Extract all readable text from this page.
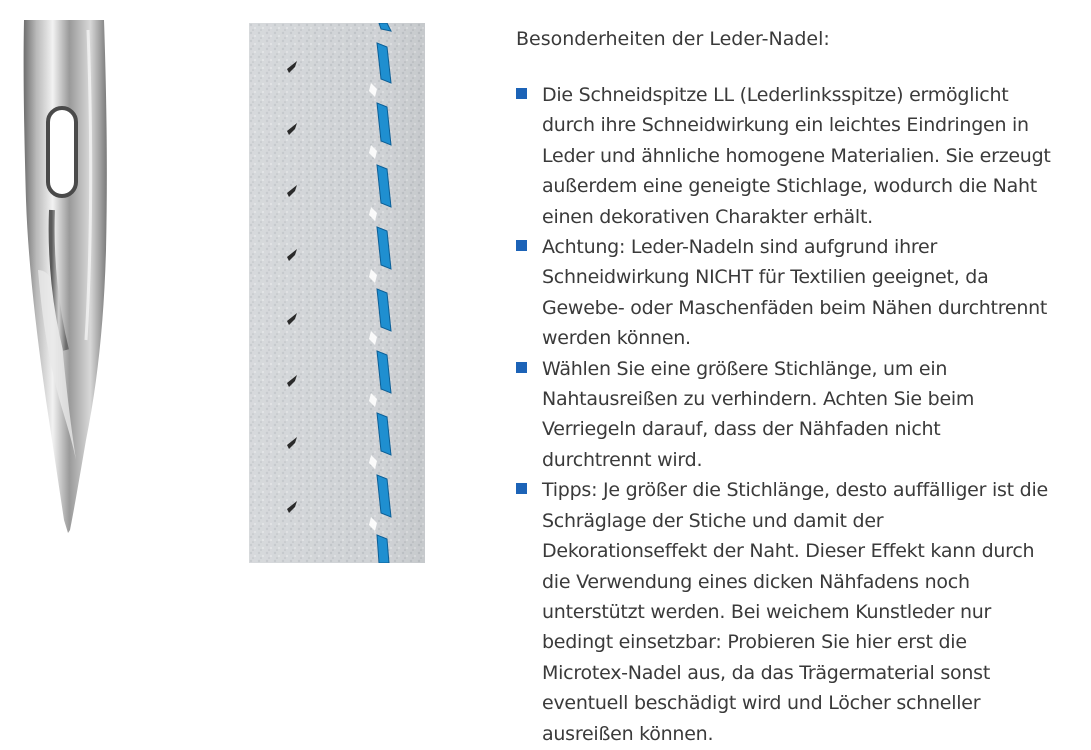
Besonderheiten der Leder-Nadel:
Die Schneidspitze LL (Lederlinksspitze) ermöglicht durch ihre Schneidwirkung ein leichtes Eindringen in Leder und ähnliche homogene Materialien. Sie erzeugt außerdem eine geneigte Stichlage, wodurch die Naht einen dekorativen Charakter erhält.
Achtung: Leder-Nadeln sind aufgrund ihrer Schneidwirkung NICHT für Textilien geeignet, da Gewebe- oder Maschenfäden beim Nähen durchtrennt werden können.
Wählen Sie eine größere Stichlänge, um ein Nahtausreißen zu verhindern. Achten Sie beim Verriegeln darauf, dass der Nähfaden nicht durchtrennt wird.
Tipps: Je größer die Stichlänge, desto auffälliger ist die Schräglage der Stiche und damit der Dekorationseffekt der Naht. Dieser Effekt kann durch die Verwendung eines dicken Nähfadens noch unterstützt werden. Bei weichem Kunstleder nur bedingt einsetzbar: Probieren Sie hier erst die Microtex-Nadel aus, da das Trägermaterial sonst eventuell beschädigt wird und Löcher schneller ausreißen können.
